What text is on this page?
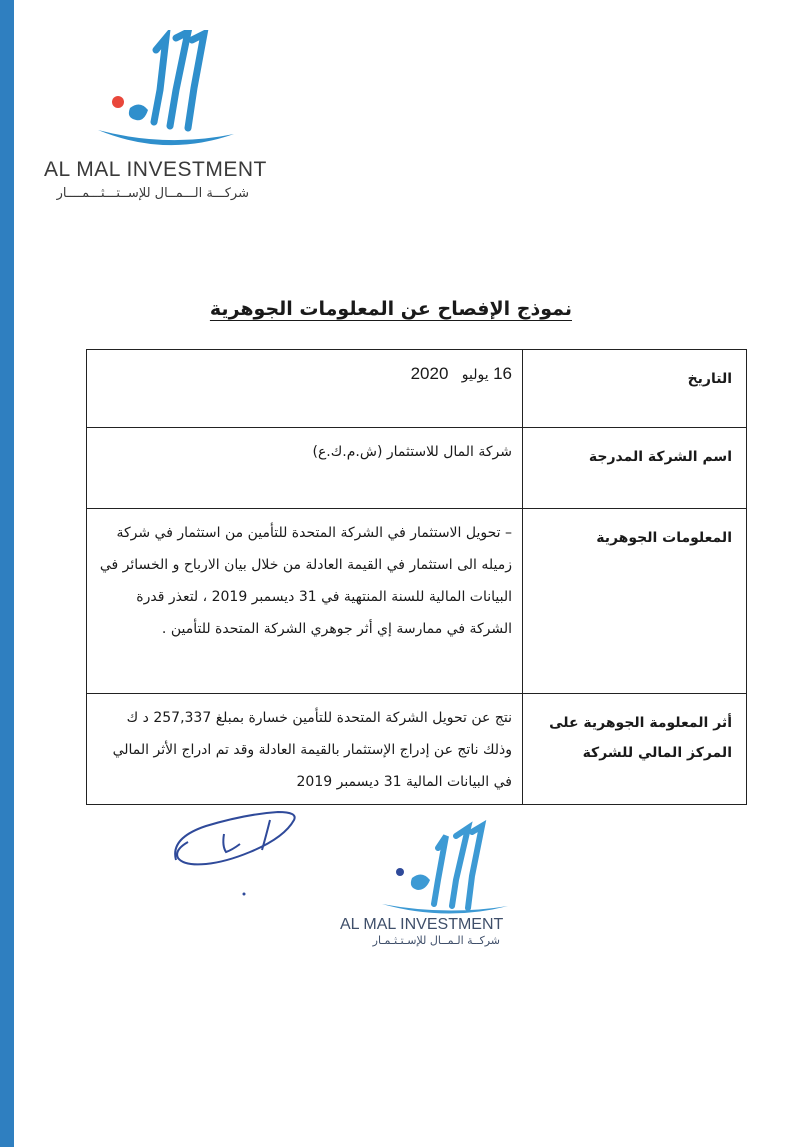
AL MAL INVESTMENT
شركـــة الـــمــال للإســتـــثـــمــــار
نموذج الإفصاح عن المعلومات الجوهرية
التاريخ	16 يوليو   2020
اسم الشركة المدرجة	شركة المال للاستثمار (ش.م.ك.ع)
المعلومات الجوهرية	– تحويل الاستثمار في الشركة المتحدة للتأمين من استثمار في شركة زميله الى استثمار في القيمة العادلة من خلال بيان الارباح و الخسائر في البيانات المالية للسنة المنتهية في 31 ديسمبر 2019 ، لتعذر قدرة الشركة في ممارسة إي أثر جوهري الشركة المتحدة للتأمين .
أثر المعلومة الجوهرية على المركز المالي للشركة	نتج عن تحويل الشركة المتحدة للتأمين خسارة بمبلغ 257,337 د ك وذلك ناتج عن إدراج الإستثمار بالقيمة العادلة وقد تم ادراج الأثر المالي في البيانات المالية 31 ديسمبر 2019
AL MAL INVESTMENT
شركــة الـمــال للإسـتـثـمـار
